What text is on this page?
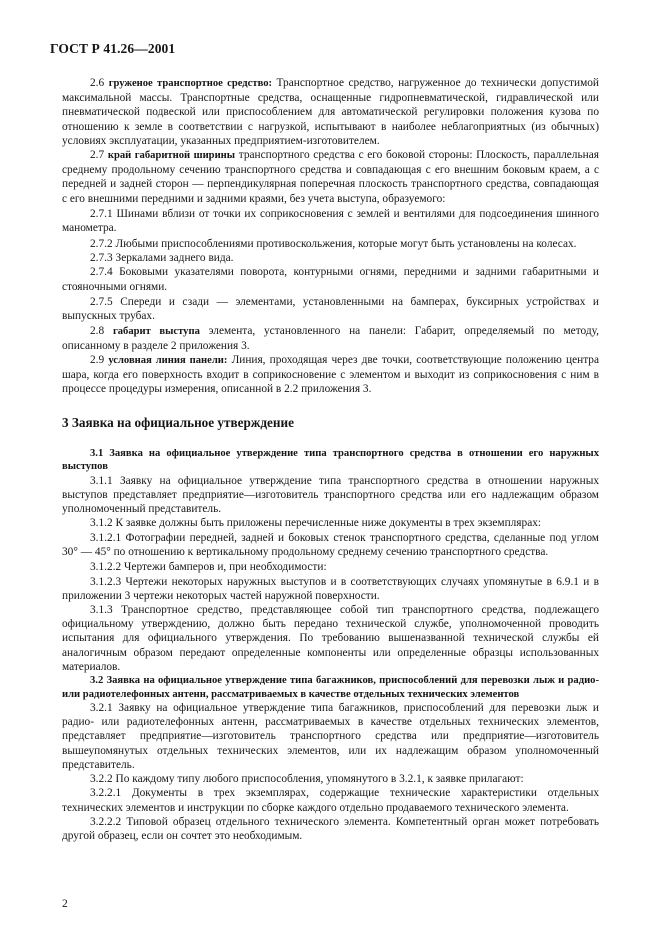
ГОСТ Р 41.26—2001

2.6 груженое транспортное средство: Транспортное средство, нагруженное до технически допустимой максимальной массы. Транспортные средства, оснащенные гидропневматической, гидравлической или пневматической подвеской или приспособлением для автоматической регулировки положения кузова по отношению к земле в соответствии с нагрузкой, испытывают в наиболее неблагоприятных (из обычных) условиях эксплуатации, указанных предприятием-изготовителем.

2.7 край габаритной ширины транспортного средства с его боковой стороны: Плоскость, параллельная среднему продольному сечению транспортного средства и совпадающая с его внешним боковым краем, а с передней и задней сторон — перпендикулярная поперечная плоскость транспортного средства, совпадающая с его внешними передними и задними краями, без учета выступа, образуемого:

2.7.1 Шинами вблизи от точки их соприкосновения с землей и вентилями для подсоединения шинного манометра.

2.7.2 Любыми приспособлениями противоскольжения, которые могут быть установлены на колесах.

2.7.3 Зеркалами заднего вида.

2.7.4 Боковыми указателями поворота, контурными огнями, передними и задними габаритными и стояночными огнями.

2.7.5 Спереди и сзади — элементами, установленными на бамперах, буксирных устройствах и выпускных трубах.

2.8 габарит выступа элемента, установленного на панели: Габарит, определяемый по методу, описанному в разделе 2 приложения 3.

2.9 условная линия панели: Линия, проходящая через две точки, соответствующие положению центра шара, когда его поверхность входит в соприкосновение с элементом и выходит из соприкосновения с ним в процессе процедуры измерения, описанной в 2.2 приложения 3.

3 Заявка на официальное утверждение

3.1 Заявка на официальное утверждение типа транспортного средства в отношении его наружных выступов

3.1.1 Заявку на официальное утверждение типа транспортного средства в отношении наружных выступов представляет предприятие—изготовитель транспортного средства или его надлежащим образом уполномоченный представитель.

3.1.2 К заявке должны быть приложены перечисленные ниже документы в трех экземплярах:

3.1.2.1 Фотографии передней, задней и боковых стенок транспортного средства, сделанные под углом 30° — 45° по отношению к вертикальному продольному среднему сечению транспортного средства.

3.1.2.2 Чертежи бамперов и, при необходимости:

3.1.2.3 Чертежи некоторых наружных выступов и в соответствующих случаях упомянутые в 6.9.1 и в приложении 3 чертежи некоторых частей наружной поверхности.

3.1.3 Транспортное средство, представляющее собой тип транспортного средства, подлежащего официальному утверждению, должно быть передано технической службе, уполномоченной проводить испытания для официального утверждения. По требованию вышеназванной технической службы ей аналогичным образом передают определенные компоненты или определенные образцы использованных материалов.

3.2 Заявка на официальное утверждение типа багажников, приспособлений для перевозки лыж и радио- или радиотелефонных антенн, рассматриваемых в качестве отдельных технических элементов

3.2.1 Заявку на официальное утверждение типа багажников, приспособлений для перевозки лыж и радио- или радиотелефонных антенн, рассматриваемых в качестве отдельных технических элементов, представляет предприятие—изготовитель транспортного средства или предприятие—изготовитель вышеупомянутых отдельных технических элементов, или их надлежащим образом уполномоченный представитель.

3.2.2 По каждому типу любого приспособления, упомянутого в 3.2.1, к заявке прилагают:

3.2.2.1 Документы в трех экземплярах, содержащие технические характеристики отдельных технических элементов и инструкции по сборке каждого отдельно продаваемого технического элемента.

3.2.2.2 Типовой образец отдельного технического элемента. Компетентный орган может потребовать другой образец, если он сочтет это необходимым.

2
